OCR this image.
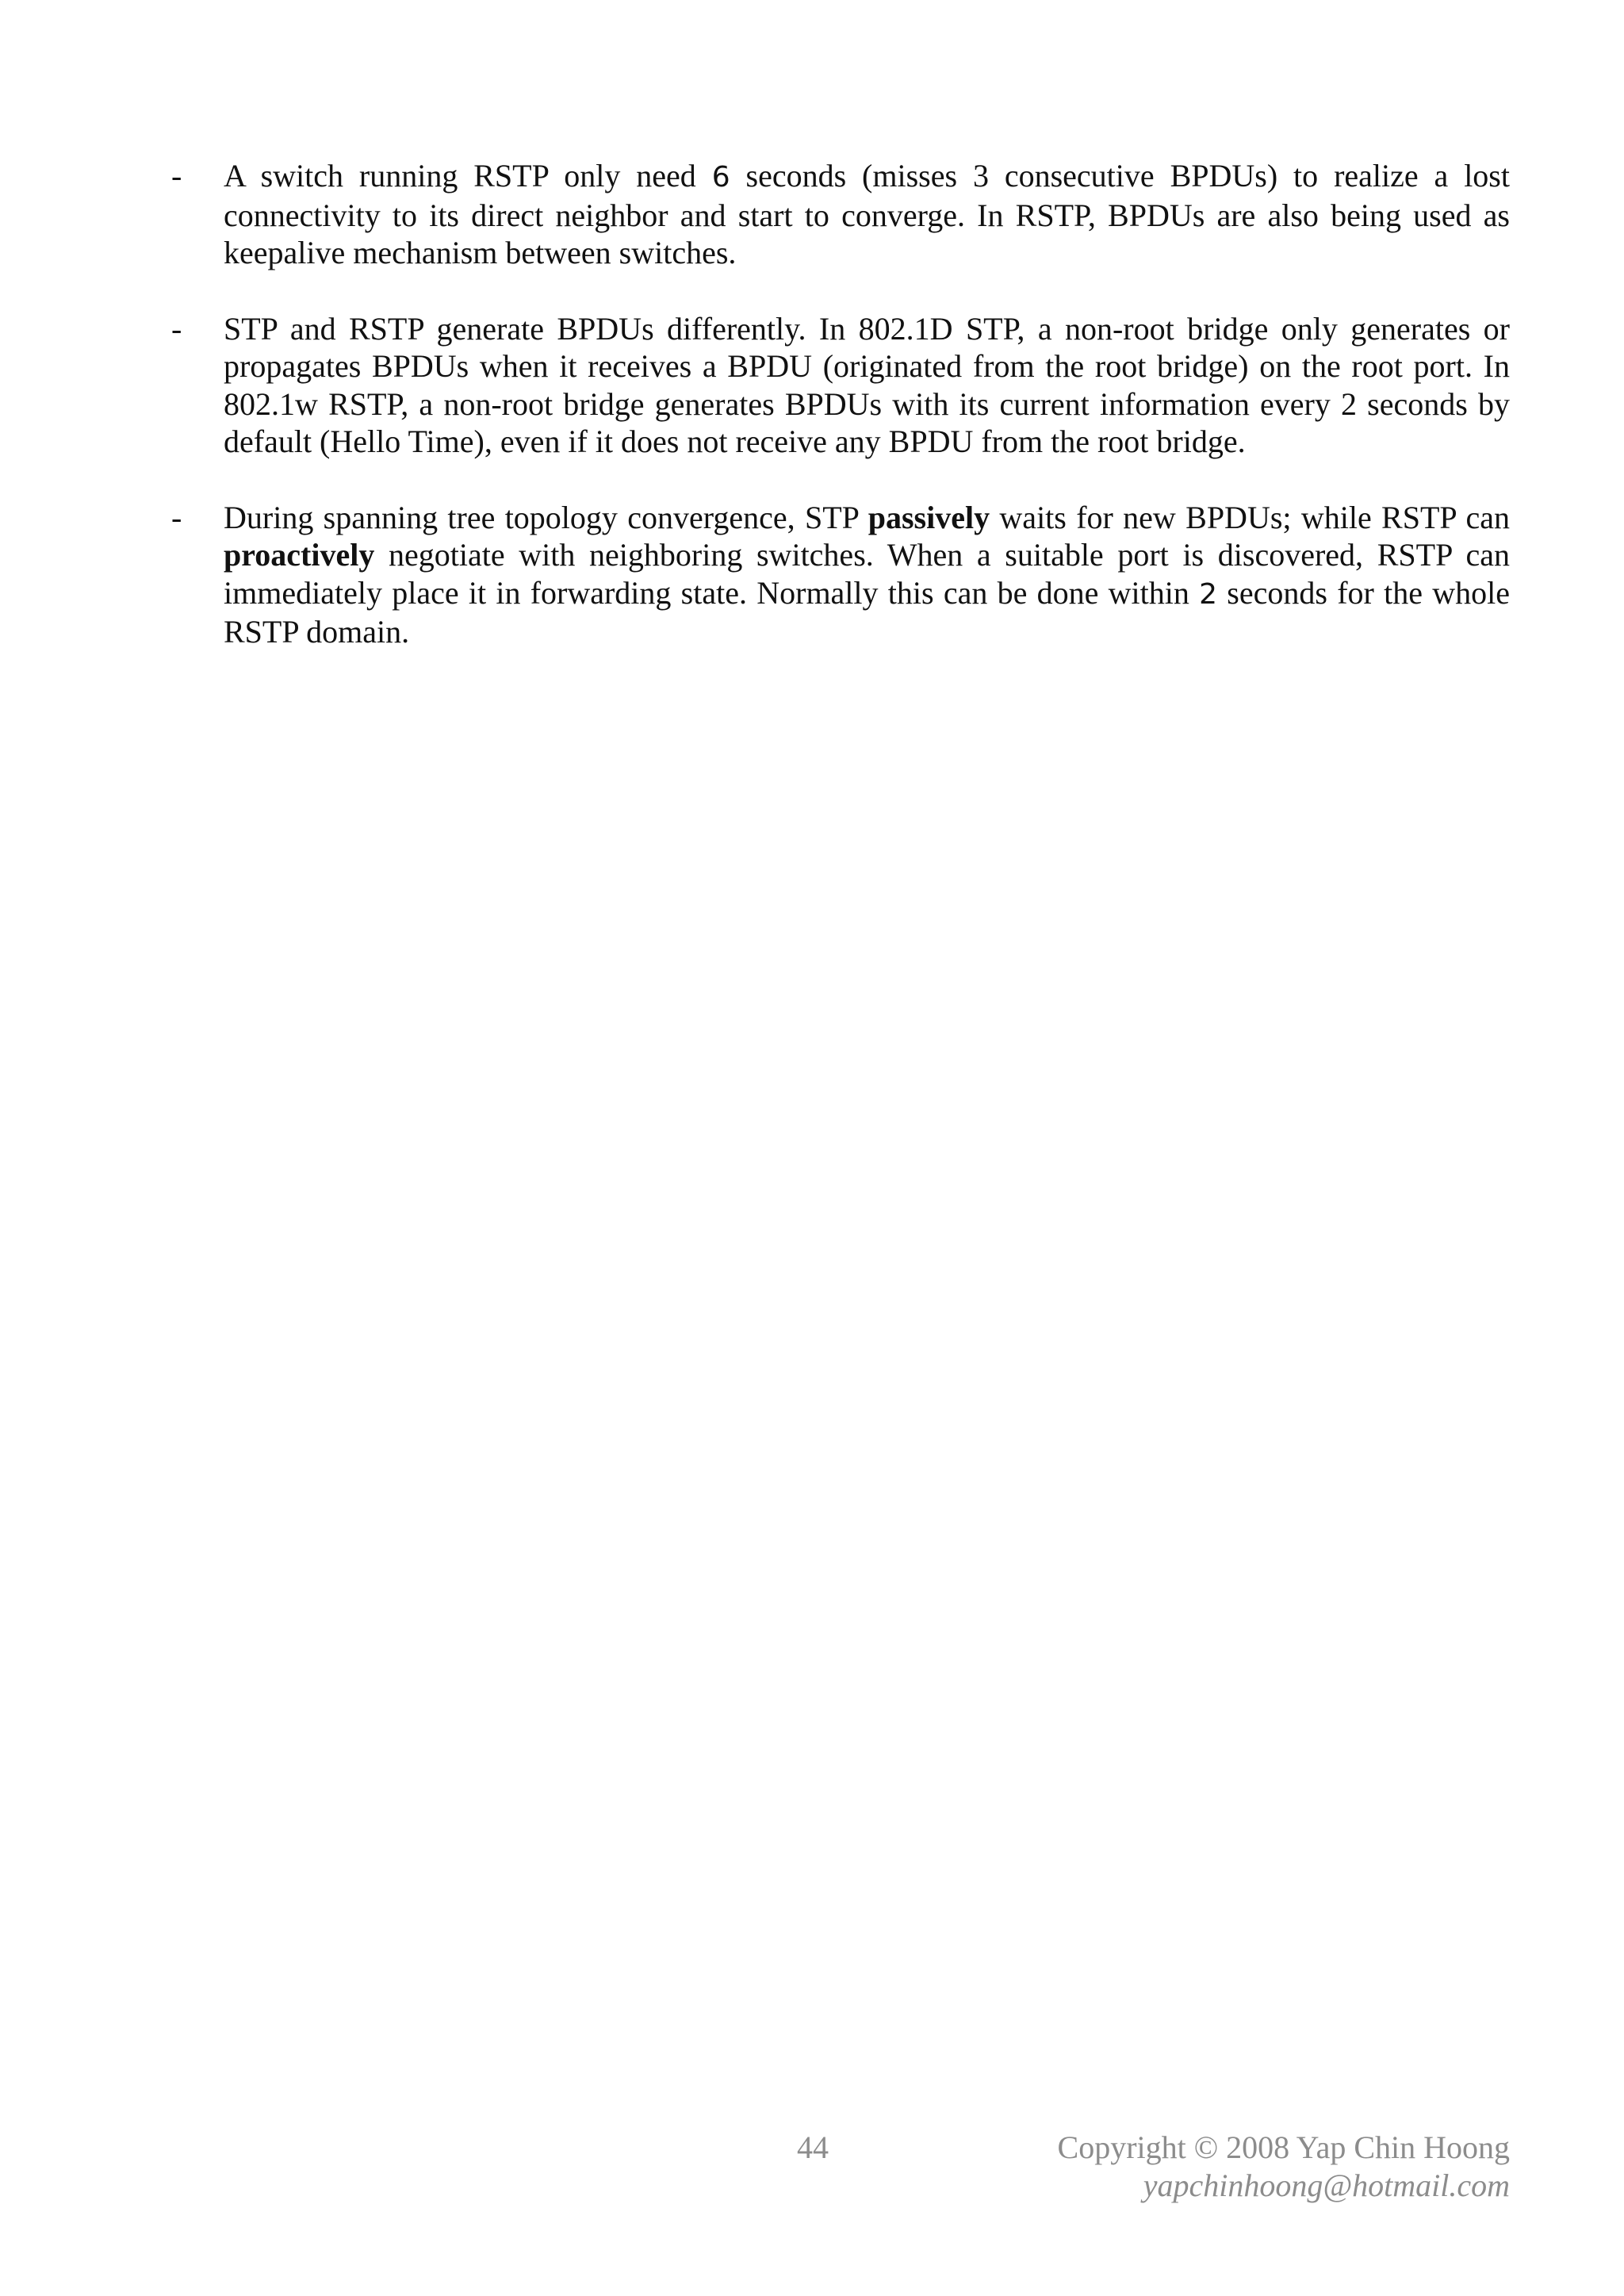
- A switch running RSTP only need 6 seconds (misses 3 consecutive BPDUs) to realize a lost connectivity to its direct neighbor and start to converge. In RSTP, BPDUs are also being used as keepalive mechanism between switches.
- STP and RSTP generate BPDUs differently. In 802.1D STP, a non-root bridge only generates or propagates BPDUs when it receives a BPDU (originated from the root bridge) on the root port. In 802.1w RSTP, a non-root bridge generates BPDUs with its current information every 2 seconds by default (Hello Time), even if it does not receive any BPDU from the root bridge.
- During spanning tree topology convergence, STP passively waits for new BPDUs; while RSTP can proactively negotiate with neighboring switches. When a suitable port is discovered, RSTP can immediately place it in forwarding state. Normally this can be done within 2 seconds for the whole RSTP domain.
44	Copyright © 2008 Yap Chin Hoong
yapchinhoong@hotmail.com
